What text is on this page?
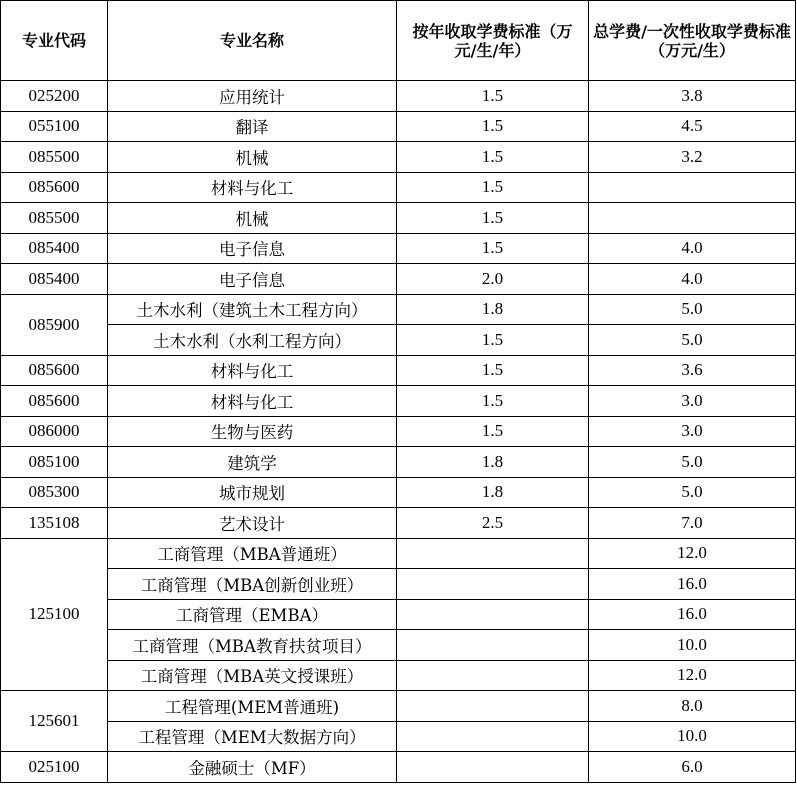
专业代码	专业名称	按年收取学费标准（万元/生/年）	总学费/一次性收取学费标准（万元/生）
025200	应用统计	1.5	3.8
055100	翻译	1.5	4.5
085500	机械	1.5	3.2
085600	材料与化工	1.5	
085500	机械	1.5	
085400	电子信息	1.5	4.0
085400	电子信息	2.0	4.0
085900	土木水利（建筑土木工程方向）	1.8	5.0
	土木水利（水利工程方向）	1.5	5.0
085600	材料与化工	1.5	3.6
085600	材料与化工	1.5	3.0
086000	生物与医药	1.5	3.0
085100	建筑学	1.8	5.0
085300	城市规划	1.8	5.0
135108	艺术设计	2.5	7.0
125100	工商管理（MBA普通班）		12.0
	工商管理（MBA创新创业班）		16.0
	工商管理（EMBA）		16.0
	工商管理（MBA教育扶贫项目）		10.0
	工商管理（MBA英文授课班）		12.0
125601	工程管理(MEM普通班)		8.0
	工程管理（MEM大数据方向）		10.0
025100	金融硕士（MF）		6.0
